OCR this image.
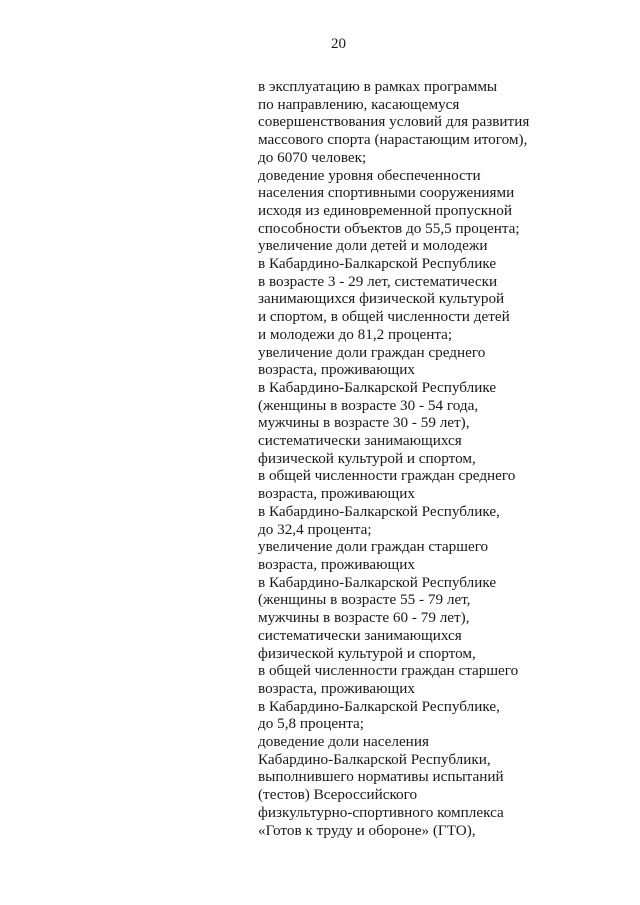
20
в эксплуатацию в рамках программы
по направлению, касающемуся
совершенствования условий для развития
массового спорта (нарастающим итогом),
до 6070 человек;
доведение уровня обеспеченности
населения спортивными сооружениями
исходя из единовременной пропускной
способности объектов до 55,5 процента;
увеличение доли детей и молодежи
в Кабардино-Балкарской Республике
в возрасте 3 - 29 лет, систематически
занимающихся физической культурой
и спортом, в общей численности детей
и молодежи до 81,2 процента;
увеличение доли граждан среднего
возраста, проживающих
в Кабардино-Балкарской Республике
(женщины в возрасте 30 - 54 года,
мужчины в возрасте 30 - 59 лет),
систематически занимающихся
физической культурой и спортом,
в общей численности граждан среднего
возраста, проживающих
в Кабардино-Балкарской Республике,
до 32,4 процента;
увеличение доли граждан старшего
возраста, проживающих
в Кабардино-Балкарской Республике
(женщины в возрасте 55 - 79 лет,
мужчины в возрасте 60 - 79 лет),
систематически занимающихся
физической культурой и спортом,
в общей численности граждан старшего
возраста, проживающих
в Кабардино-Балкарской Республике,
до 5,8 процента;
доведение доли населения
Кабардино-Балкарской Республики,
выполнившего нормативы испытаний
(тестов) Всероссийского
физкультурно-спортивного комплекса
«Готов к труду и обороне» (ГТО),
